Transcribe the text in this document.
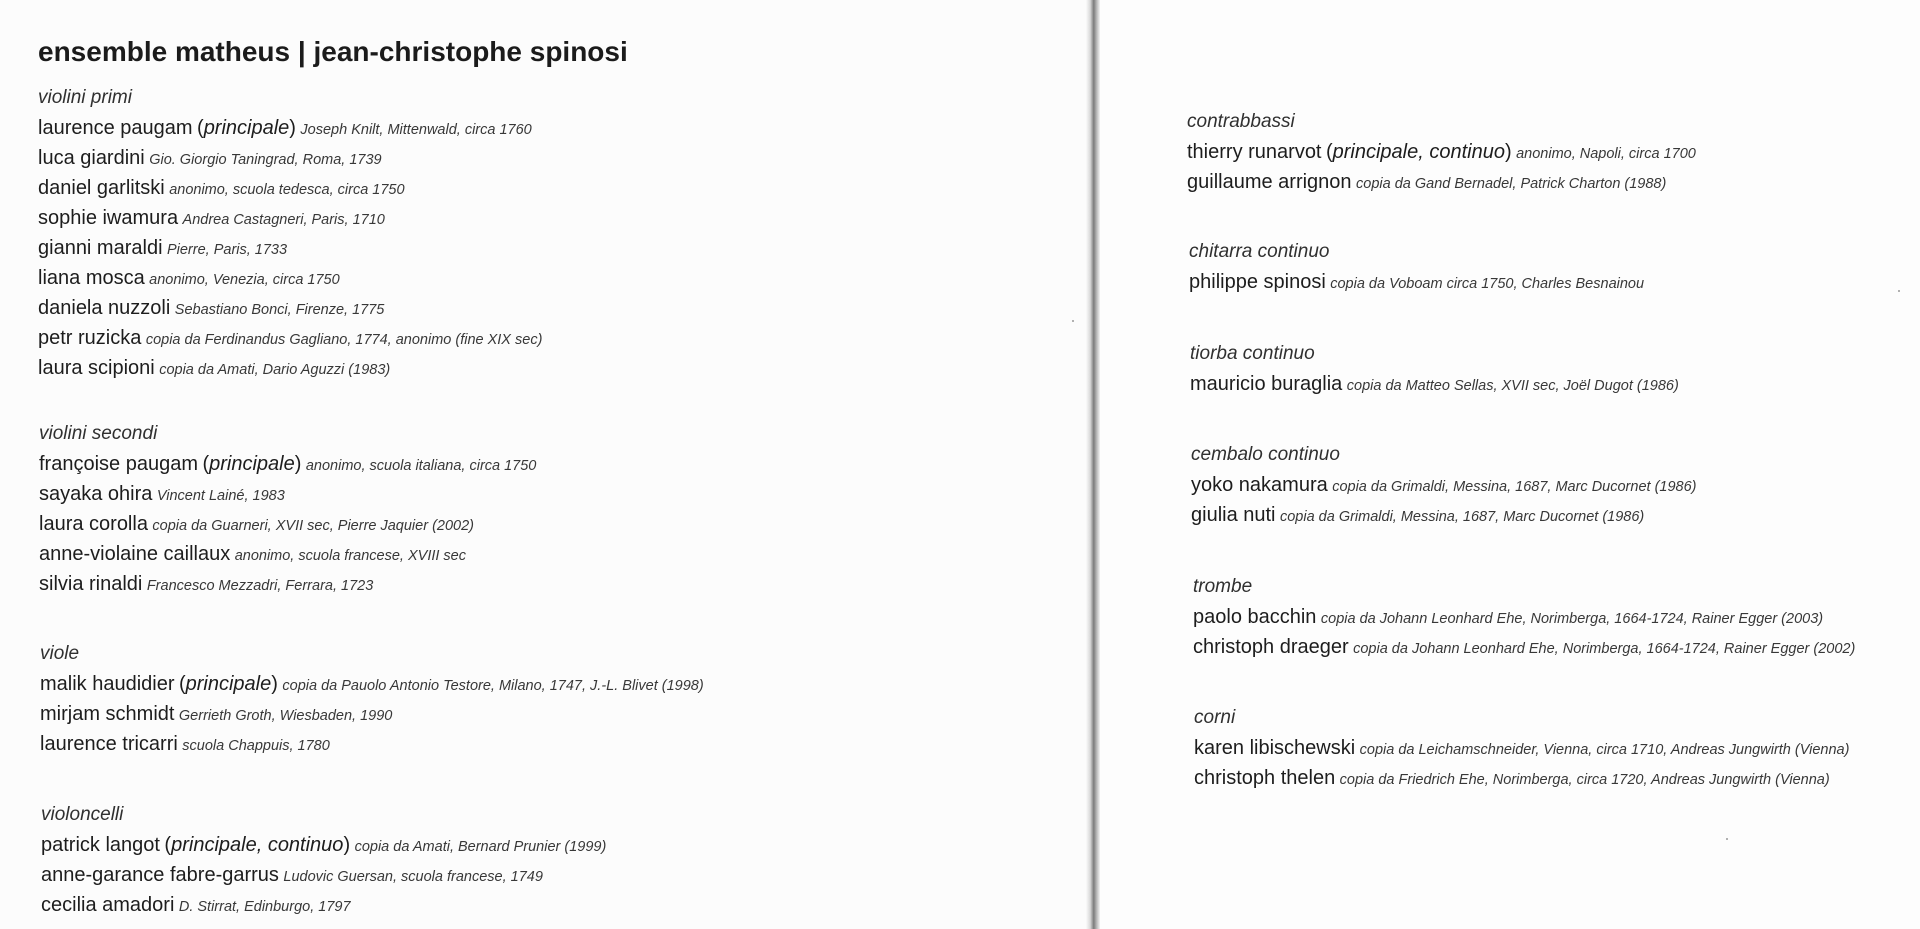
ensemble matheus | jean-christophe spinosi
violini primi
laurence paugam (principale) Joseph Knilt, Mittenwald, circa 1760
luca giardini Gio. Giorgio Taningrad, Roma, 1739
daniel garlitski anonimo, scuola tedesca, circa 1750
sophie iwamura Andrea Castagneri, Paris, 1710
gianni maraldi Pierre, Paris, 1733
liana mosca anonimo, Venezia, circa 1750
daniela nuzzoli Sebastiano Bonci, Firenze, 1775
petr ruzicka copia da Ferdinandus Gagliano, 1774, anonimo (fine XIX sec)
laura scipioni copia da Amati, Dario Aguzzi (1983)
violini secondi
françoise paugam (principale) anonimo, scuola italiana, circa 1750
sayaka ohira Vincent Lainé, 1983
laura corolla copia da Guarneri, XVII sec, Pierre Jaquier (2002)
anne-violaine caillaux anonimo, scuola francese, XVIII sec
silvia rinaldi Francesco Mezzadri, Ferrara, 1723
viole
malik haudidier (principale) copia da Pauolo Antonio Testore, Milano, 1747, J.-L. Blivet (1998)
mirjam schmidt Gerrieth Groth, Wiesbaden, 1990
laurence tricarri scuola Chappuis, 1780
violoncelli
patrick langot (principale, continuo) copia da Amati, Bernard Prunier (1999)
anne-garance fabre-garrus Ludovic Guersan, scuola francese, 1749
cecilia amadori D. Stirrat, Edinburgo, 1797
contrabbassi
thierry runarvot (principale, continuo) anonimo, Napoli, circa 1700
guillaume arrignon copia da Gand Bernadel, Patrick Charton (1988)
chitarra continuo
philippe spinosi copia da Voboam circa 1750, Charles Besnainou
tiorba continuo
mauricio buraglia copia da Matteo Sellas, XVII sec, Joël Dugot (1986)
cembalo continuo
yoko nakamura copia da Grimaldi, Messina, 1687, Marc Ducornet (1986)
giulia nuti copia da Grimaldi, Messina, 1687, Marc Ducornet (1986)
trombe
paolo bacchin copia da Johann Leonhard Ehe, Norimberga, 1664-1724, Rainer Egger (2003)
christoph draeger copia da Johann Leonhard Ehe, Norimberga, 1664-1724, Rainer Egger (2002)
corni
karen libischewski copia da Leichamschneider, Vienna, circa 1710, Andreas Jungwirth (Vienna)
christoph thelen copia da Friedrich Ehe, Norimberga, circa 1720, Andreas Jungwirth (Vienna)
